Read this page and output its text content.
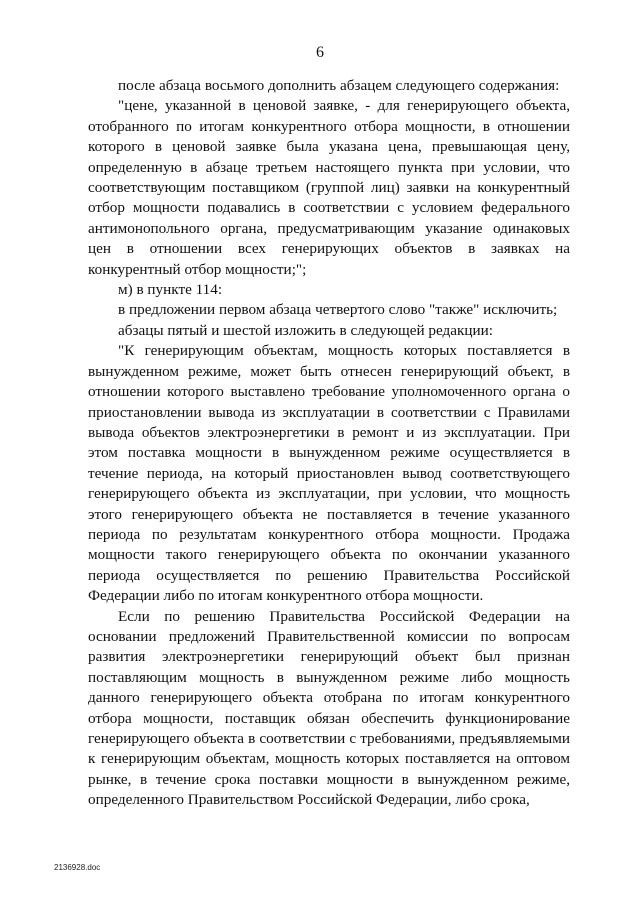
6

после абзаца восьмого дополнить абзацем следующего содержания:

"цене, указанной в ценовой заявке, - для генерирующего объекта, отобранного по итогам конкурентного отбора мощности, в отношении которого в ценовой заявке была указана цена, превышающая цену, определенную в абзаце третьем настоящего пункта при условии, что соответствующим поставщиком (группой лиц) заявки на конкурентный отбор мощности подавались в соответствии с условием федерального антимонопольного органа, предусматривающим указание одинаковых цен в отношении всех генерирующих объектов в заявках на конкурентный отбор мощности;";

м) в пункте 114:

в предложении первом абзаца четвертого слово "также" исключить;

абзацы пятый и шестой изложить в следующей редакции:

"К генерирующим объектам, мощность которых поставляется в вынужденном режиме, может быть отнесен генерирующий объект, в отношении которого выставлено требование уполномоченного органа о приостановлении вывода из эксплуатации в соответствии с Правилами вывода объектов электроэнергетики в ремонт и из эксплуатации. При этом поставка мощности в вынужденном режиме осуществляется в течение периода, на который приостановлен вывод соответствующего генерирующего объекта из эксплуатации, при условии, что мощность этого генерирующего объекта не поставляется в течение указанного периода по результатам конкурентного отбора мощности. Продажа мощности такого генерирующего объекта по окончании указанного периода осуществляется по решению Правительства Российской Федерации либо по итогам конкурентного отбора мощности.

Если по решению Правительства Российской Федерации на основании предложений Правительственной комиссии по вопросам развития электроэнергетики генерирующий объект был признан поставляющим мощность в вынужденном режиме либо мощность данного генерирующего объекта отобрана по итогам конкурентного отбора мощности, поставщик обязан обеспечить функционирование генерирующего объекта в соответствии с требованиями, предъявляемыми к генерирующим объектам, мощность которых поставляется на оптовом рынке, в течение срока поставки мощности в вынужденном режиме, определенного Правительством Российской Федерации, либо срока,

2136928.doc
